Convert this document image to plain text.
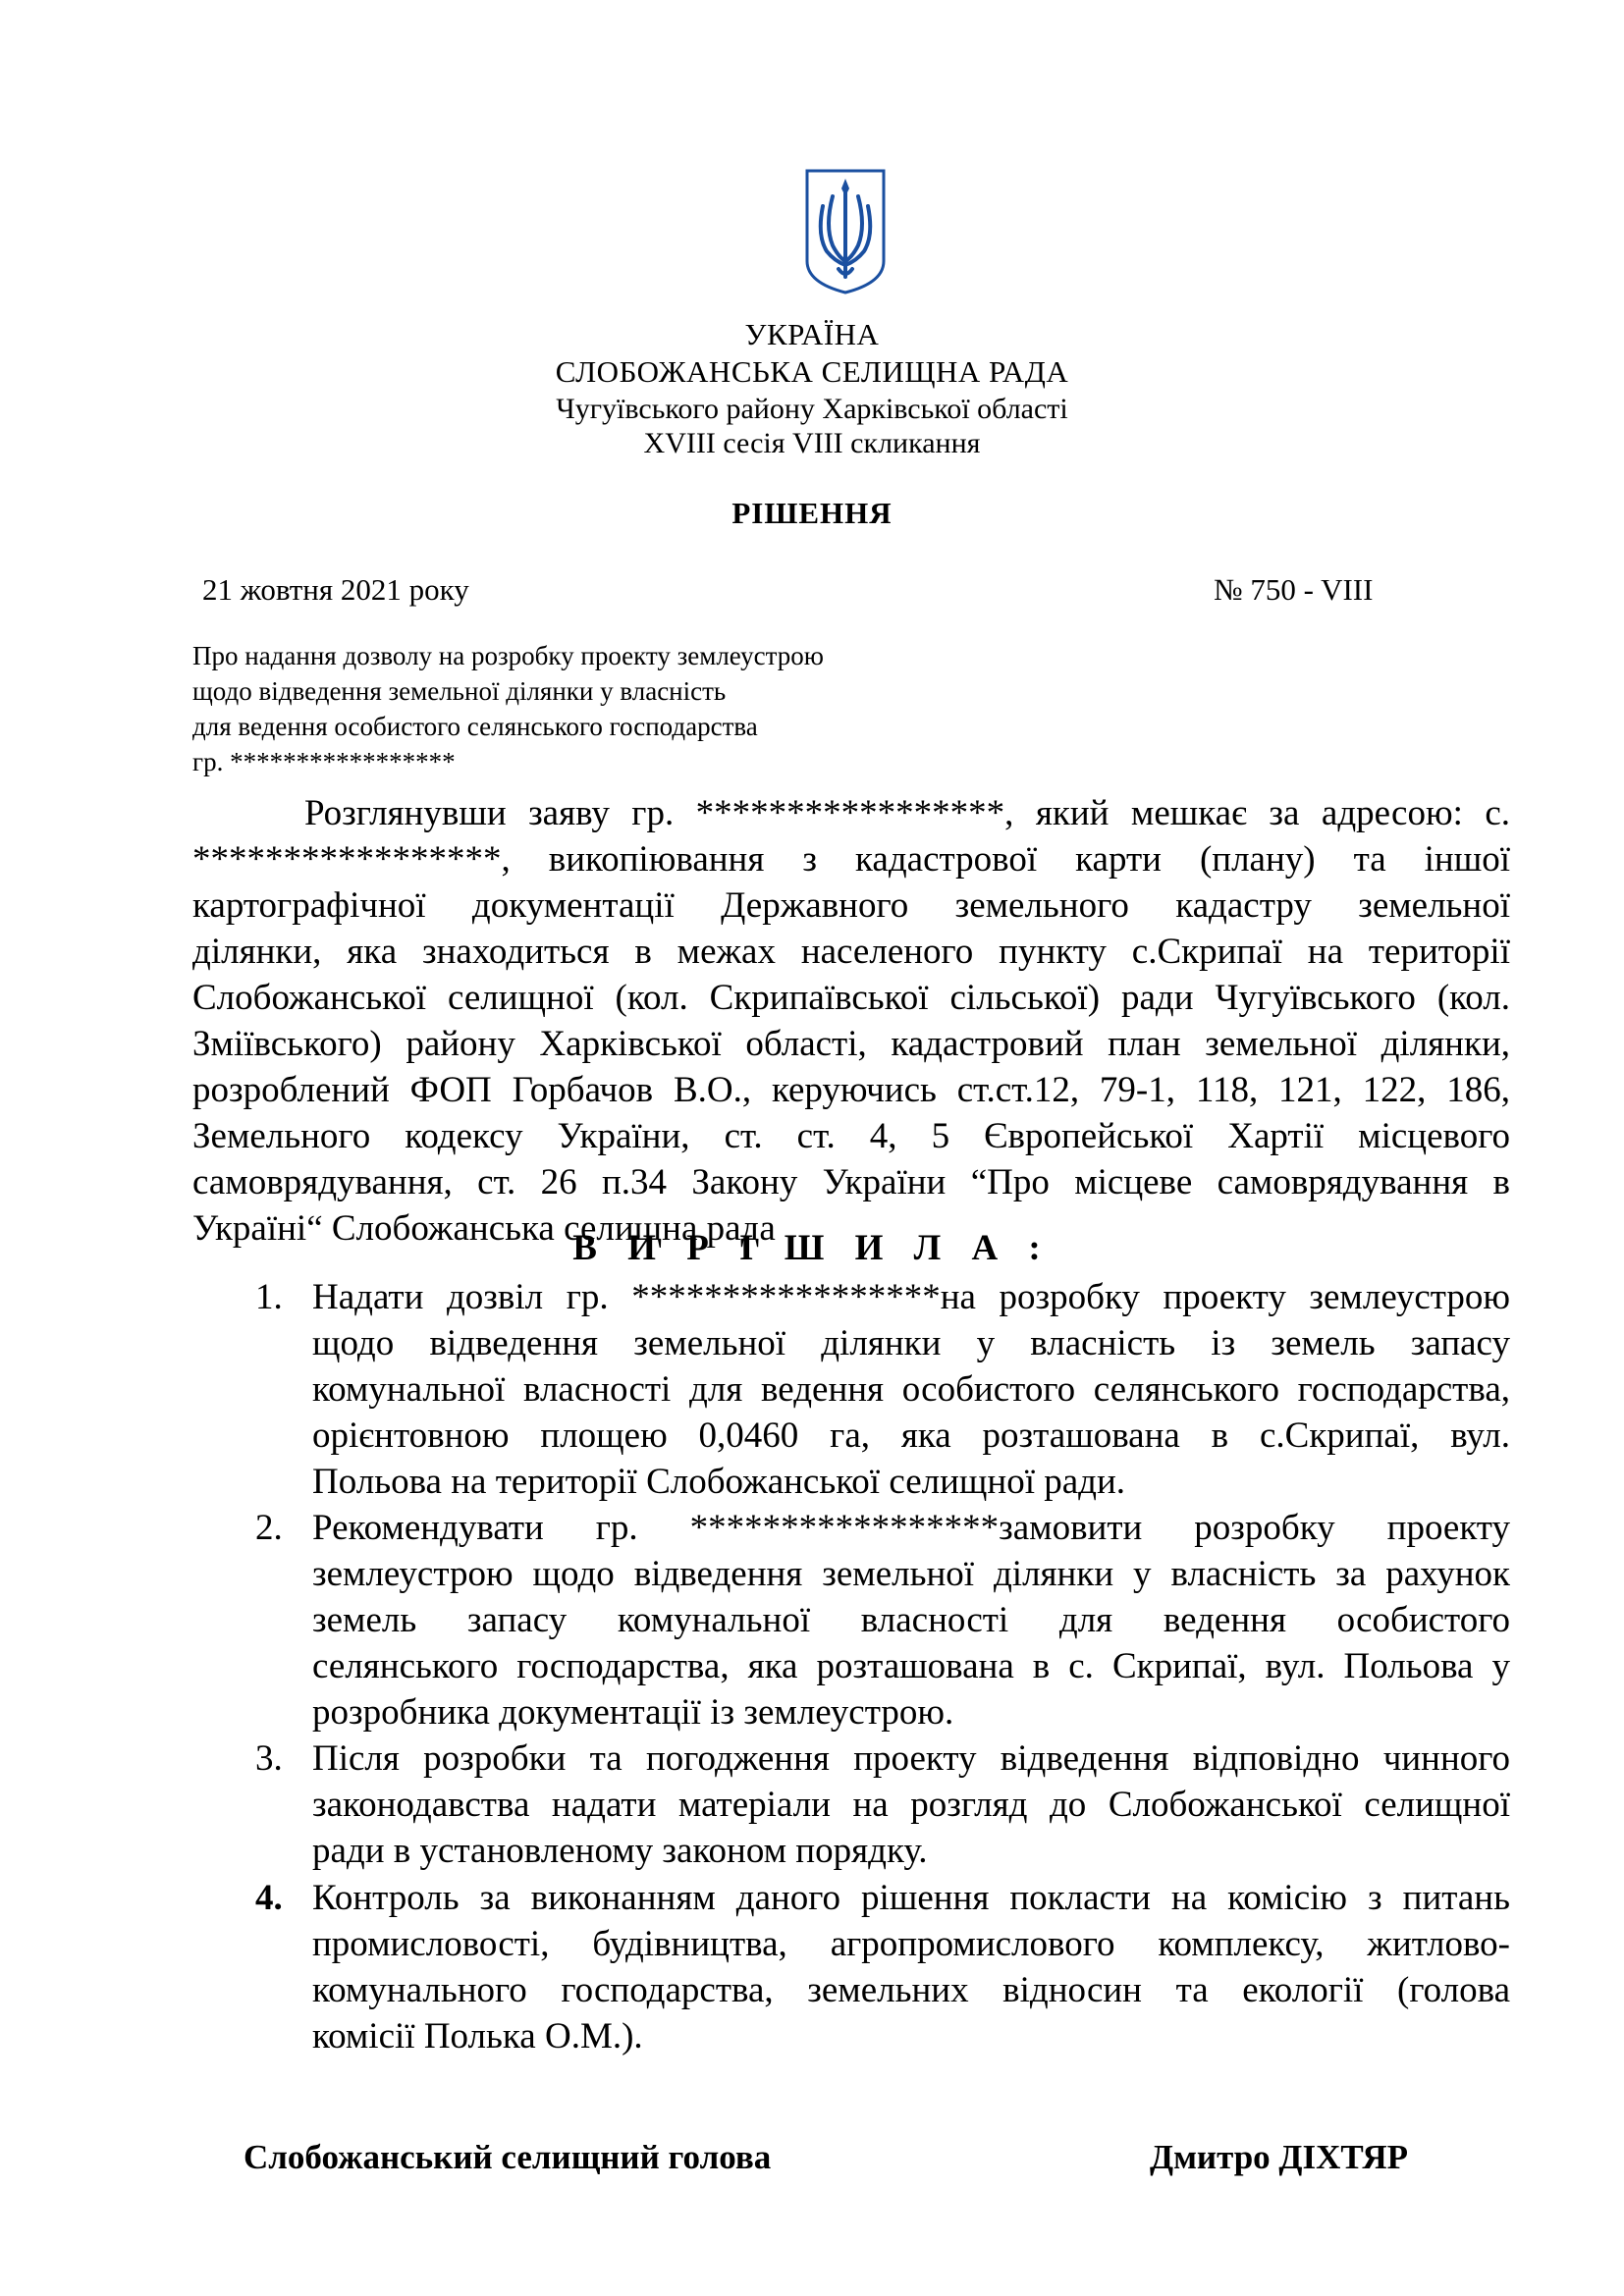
УКРАЇНА
СЛОБОЖАНСЬКА СЕЛИЩНА РАДА
Чугуївського району Харківської області
XVIII сесія VIII скликання
РІШЕННЯ
21 жовтня 2021 року	№ 750 - VIII
Про надання дозволу на розробку проекту землеустрою
щодо відведення земельної ділянки у власність
для ведення особистого селянського господарства
гр. *****************
Розглянувши заяву гр. *****************, який мешкає за адресою: с.
*****************, викопіювання з кадастрової карти (плану) та іншої
картографічної документації Державного земельного кадастру земельної
ділянки, яка знаходиться в межах населеного пункту с.Скрипаї на території
Слобожанської селищної (кол. Скрипаївської сільської) ради Чугуївського (кол.
Зміївського) району Харківської області, кадастровий план земельної ділянки,
розроблений ФОП Горбачов В.О., керуючись ст.ст.12, 79-1, 118, 121, 122, 186,
Земельного кодексу України, ст. ст. 4, 5 Європейської Хартії місцевого
самоврядування, ст. 26 п.34 Закону України “Про місцеве самоврядування в
Україні“ Слобожанська селищна рада
В И Р І Ш И Л А :
1. Надати дозвіл гр. *****************на розробку проекту землеустрою
щодо відведення земельної ділянки у власність із земель запасу
комунальної власності для ведення особистого селянського господарства,
орієнтовною площею 0,0460 га, яка розташована в с.Скрипаї, вул.
Польова на території Слобожанської селищної ради.
2. Рекомендувати гр. *****************замовити розробку проекту
землеустрою щодо відведення земельної ділянки у власність за рахунок
земель запасу комунальної власності для ведення особистого
селянського господарства, яка розташована в с. Скрипаї, вул. Польова у
розробника документації із землеустрою.
3. Після розробки та погодження проекту відведення відповідно чинного
законодавства надати матеріали на розгляд до Слобожанської селищної
ради в установленому законом порядку.
4. Контроль за виконанням даного рішення покласти на комісію з питань
промисловості, будівництва, агропромислового комплексу, житлово-
комунального господарства, земельних відносин та екології (голова
комісії Полька О.М.).
Слобожанський селищний голова	Дмитро ДІХТЯР
